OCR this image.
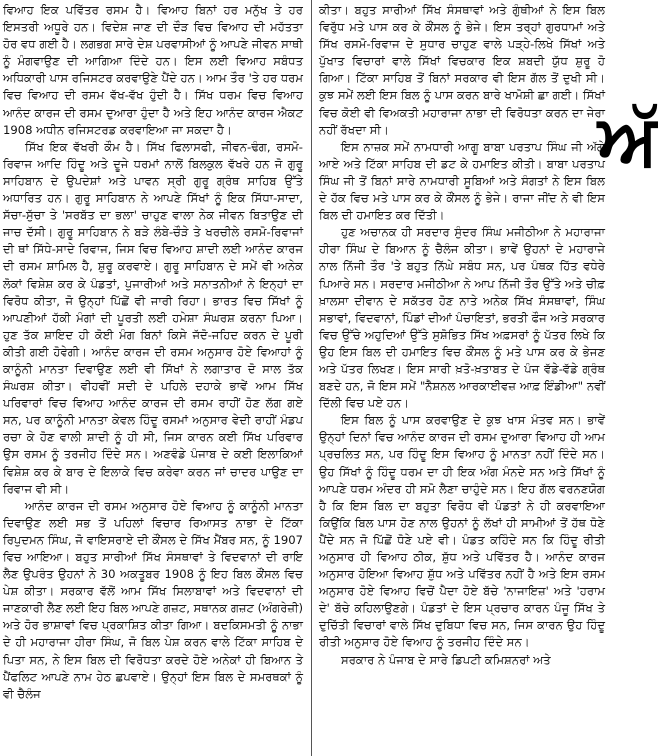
ਵਿਆਹ ਇਕ ਪਵਿੱਤਰ ਰਸਮ ਹੈ। ਵਿਆਹ ਬਿਨਾਂ ਹਰ ਮਨੁੱਖ ਤੇ ਹਰ ਇਸਤਰੀ ਅਧੂਰੇ ਹਨ। ਵਿਦੇਸ਼ ਜਾਣ ਦੀ ਦੌੜ ਵਿਚ ਵਿਆਹ ਦੀ ਮਹੱਤਤਾ ਹੋਰ ਵਧ ਗਈ ਹੈ। ਲਗਭਗ ਸਾਰੇ ਦੇਸ਼ ਪਰਵਾਸੀਆਂ ਨੂੰ ਆਪਣੇ ਜੀਵਨ ਸਾਥੀ ਨੂੰ ਮੰਗਵਾਉਣ ਦੀ ਆਗਿਆ ਦਿੰਦੇ ਹਨ। ਇਸ ਲਈ ਵਿਆਹ ਸਬੰਧਤ ਅਧਿਕਾਰੀ ਪਾਸ ਰਜਿਸਟਰ ਕਰਵਾਉਣੇ ਪੈਂਦੇ ਹਨ। ਆਮ ਤੌਰ 'ਤੇ ਹਰ ਧਰਮ ਵਿਚ ਵਿਆਹ ਦੀ ਰਸਮ ਵੱਖ-ਵੱਖ ਹੁੰਦੀ ਹੈ। ਸਿੱਖ ਧਰਮ ਵਿਚ ਵਿਆਹ ਆਨੰਦ ਕਾਰਜ ਦੀ ਰਸਮ ਦੁਆਰਾ ਹੁੰਦਾ ਹੈ ਅਤੇ ਇਹ ਆਨੰਦ ਕਾਰਜ ਐਕਟ 1908 ਅਧੀਨ ਰਜਿਸਟਰਡ ਕਰਵਾਇਆ ਜਾ ਸਕਦਾ ਹੈ।

ਸਿੱਖ ਇਕ ਵੱਖਰੀ ਕੌਮ ਹੈ। ਸਿੱਖ ਫਿਲਾਸਫੀ, ਜੀਵਨ-ਢੰਗ, ਰਸਮੋ-ਰਿਵਾਜ ਆਦਿ ਹਿੰਦੂ ਅਤੇ ਦੂਜੇ ਧਰਮਾਂ ਨਾਲੋਂ ਬਿਲਕੁਲ ਵੱਖਰੇ ਹਨ ਜੋ ਗੁਰੂ ਸਾਹਿਬਾਨ ਦੇ ਉਪਦੇਸ਼ਾਂ ਅਤੇ ਪਾਵਨ ਸ੍ਰੀ ਗੁਰੂ ਗ੍ਰੰਥ ਸਾਹਿਬ ਉੱਤੇ ਅਧਾਰਿਤ ਹਨ। ਗੁਰੂ ਸਾਹਿਬਾਨ ਨੇ ਆਪਣੇ ਸਿੱਖਾਂ ਨੂੰ ਇਕ ਸਿੱਧਾ-ਸਾਦਾ, ਸੱਚਾ-ਸੁੱਚਾ ਤੇ 'ਸਰਬੱਤ ਦਾ ਭਲਾ' ਚਾਹੁਣ ਵਾਲਾ ਨੇਕ ਜੀਵਨ ਬਿਤਾਉਣ ਦੀ ਜਾਚ ਦੱਸੀ। ਗੁਰੂ ਸਾਹਿਬਾਨ ਨੇ ਬੜੇ ਲੰਬੇ-ਚੌੜੇ ਤੇ ਖਰਚੀਲੇ ਰਸਮੋ-ਰਿਵਾਜਾਂ ਦੀ ਥਾਂ ਸਿੱਧੇ-ਸਾਦੇ ਰਿਵਾਜ, ਜਿਸ ਵਿਚ ਵਿਆਹ ਸ਼ਾਦੀ ਲਈ ਆਨੰਦ ਕਾਰਜ ਦੀ ਰਸਮ ਸ਼ਾਮਿਲ ਹੈ, ਸ਼ੁਰੂ ਕਰਵਾਏ। ਗੁਰੂ ਸਾਹਿਬਾਨ ਦੇ ਸਮੇਂ ਵੀ ਅਨੇਕ ਲੋਕਾਂ ਵਿਸ਼ੇਸ਼ ਕਰ ਕੇ ਪੰਡਤਾਂ, ਪੁਜਾਰੀਆਂ ਅਤੇ ਸਨਾਤਨੀਆਂ ਨੇ ਇਨ੍ਹਾਂ ਦਾ ਵਿਰੋਧ ਕੀਤਾ, ਜੋ ਉਨ੍ਹਾਂ ਪਿੱਛੋਂ ਵੀ ਜਾਰੀ ਰਿਹਾ। ਭਾਰਤ ਵਿਚ ਸਿੱਖਾਂ ਨੂੰ ਆਪਣੀਆਂ ਹੱਕੀ ਮੰਗਾਂ ਦੀ ਪੂਰਤੀ ਲਈ ਹਮੇਸ਼ਾ ਸੰਘਰਸ਼ ਕਰਨਾ ਪਿਆ। ਹੁਣ ਤੱਕ ਸ਼ਾਇਦ ਹੀ ਕੋਈ ਮੰਗ ਬਿਨਾਂ ਕਿਸੇ ਜੱਦੋ-ਜਹਿਦ ਕਰਨ ਦੇ ਪੂਰੀ ਕੀਤੀ ਗਈ ਹੋਵੇਗੀ। ਆਨੰਦ ਕਾਰਜ ਦੀ ਰਸਮ ਅਨੁਸਾਰ ਹੋਏ ਵਿਆਹਾਂ ਨੂੰ ਕਾਨੂੰਨੀ ਮਾਨਤਾ ਦਿਵਾਉਣ ਲਈ ਵੀ ਸਿੱਖਾਂ ਨੇ ਲਗਾਤਾਰ ਦੋ ਸਾਲ ਤੱਕ ਸੰਘਰਸ਼ ਕੀਤਾ। ਵੀਹਵੀਂ ਸਦੀ ਦੇ ਪਹਿਲੇ ਦਹਾਕੇ ਭਾਵੇਂ ਆਮ ਸਿੱਖ ਪਰਿਵਾਰਾਂ ਵਿਚ ਵਿਆਹ ਆਨੰਦ ਕਾਰਜ ਦੀ ਰਸਮ ਰਾਹੀਂ ਹੋਣ ਲੱਗ ਗਏ ਸਨ, ਪਰ ਕਾਨੂੰਨੀ ਮਾਨਤਾ ਕੇਵਲ ਹਿੰਦੂ ਰਸਮਾਂ ਅਨੁਸਾਰ ਵੇਦੀ ਰਾਹੀਂ ਮੰਡਪ ਰਚਾ ਕੇ ਹੋਣ ਵਾਲੀ ਸ਼ਾਦੀ ਨੂੰ ਹੀ ਸੀ, ਜਿਸ ਕਾਰਨ ਕਈ ਸਿੱਖ ਪਰਿਵਾਰ ਉਸ ਰਸਮ ਨੂੰ ਤਰਜੀਹ ਦਿੰਦੇ ਸਨ। ਅਣਵੰਡੇ ਪੰਜਾਬ ਦੇ ਕਈ ਇਲਾਕਿਆਂ ਵਿਸ਼ੇਸ਼ ਕਰ ਕੇ ਬਾਰ ਦੇ ਇਲਾਕੇ ਵਿਚ ਕਰੇਵਾ ਕਰਨ ਜਾਂ ਚਾਦਰ ਪਾਉਣ ਦਾ ਰਿਵਾਜ ਵੀ ਸੀ।

ਆਨੰਦ ਕਾਰਜ ਦੀ ਰਸਮ ਅਨੁਸਾਰ ਹੋਏ ਵਿਆਹ ਨੂੰ ਕਾਨੂੰਨੀ ਮਾਨਤਾ ਦਿਵਾਉਣ ਲਈ ਸਭ ਤੋਂ ਪਹਿਲਾਂ ਵਿਚਾਰ ਰਿਆਸਤ ਨਾਭਾ ਦੇ ਟਿੱਕਾ ਰਿਪੁਦਮਨ ਸਿੰਘ, ਜੋ ਵਾਇਸਰਾਏ ਦੀ ਕੌਂਸਲ ਦੇ ਸਿੱਖ ਮੈਂਬਰ ਸਨ, ਨੂੰ 1907 ਵਿਚ ਆਇਆ। ਬਹੁਤ ਸਾਰੀਆਂ ਸਿੱਖ ਸੰਸਥਾਵਾਂ ਤੇ ਵਿਦਵਾਨਾਂ ਦੀ ਰਾਇ ਲੈਣ ਉਪਰੰਤ ਉਹਨਾਂ ਨੇ 30 ਅਕਤੂਬਰ 1908 ਨੂੰ ਇਹ ਬਿਲ ਕੌਂਸਲ ਵਿਚ ਪੇਸ਼ ਕੀਤਾ। ਸਰਕਾਰ ਵੱਲੋਂ ਆਮ ਸਿੱਖ ਸਿਲਾਬਾਵਾਂ ਅਤੇ ਵਿਦਵਾਨਾਂ ਦੀ ਜਾਣਕਾਰੀ ਲੈਣ ਲਈ ਇਹ ਬਿਲ ਆਪਣੇ ਗਜ਼ਟ, ਸਥਾਨਕ ਗਜ਼ਟ (ਅੰਗਰੇਜ਼ੀ) ਅਤੇ ਹੋਰ ਭਾਸ਼ਾਵਾਂ ਵਿਚ ਪ੍ਰਕਾਸ਼ਿਤ ਕੀਤਾ ਗਿਆ। ਬਦਕਿਸਮਤੀ ਨੂੰ ਨਾਭਾ ਦੇ ਹੀ ਮਹਾਰਾਜਾ ਹੀਰਾ ਸਿੰਘ, ਜੋ ਬਿਲ ਪੇਸ਼ ਕਰਨ ਵਾਲੇ ਟਿੱਕਾ ਸਾਹਿਬ ਦੇ ਪਿਤਾ ਸਨ, ਨੇ ਇਸ ਬਿਲ ਦੀ ਵਿਰੋਧਤਾ ਕਰਦੇ ਹੋਏ ਅਨੇਕਾਂ ਹੀ ਬਿਆਨ ਤੇ ਪੈਂਫਲਿਟ ਆਪਣੇ ਨਾਮ ਹੇਠ ਛਪਵਾਏ। ਉਨ੍ਹਾਂ ਇਸ ਬਿਲ ਦੇ ਸਮਰਥਕਾਂ ਨੂੰ ਵੀ ਚੈਲੰਜ

ਕੀਤਾ। ਬਹੁਤ ਸਾਰੀਆਂ ਸਿੱਖ ਸੰਸਥਾਵਾਂ ਅਤੇ ਗੁੰਥੀਆਂ ਨੇ ਇਸ ਬਿਲ ਵਿਰੁੱਧ ਮਤੇ ਪਾਸ ਕਰ ਕੇ ਕੌਂਸਲ ਨੂੰ ਭੇਜੇ। ਇਸ ਤਰ੍ਹਾਂ ਗੁਰਧਾਮਾਂ ਅਤੇ ਸਿੱਖ ਰਸਮੋ-ਰਿਵਾਜ ਦੇ ਸੁਧਾਰ ਚਾਹੁਣ ਵਾਲੇ ਪੜ੍ਹੇ-ਲਿਖੇ ਸਿੱਖਾਂ ਅਤੇ ਪੁੱਖਾਤ ਵਿਚਾਰਾਂ ਵਾਲੇ ਸਿੱਖਾਂ ਵਿਚਕਾਰ ਇਕ ਸ਼ਬਦੀ ਯੁੱਧ ਸ਼ੁਰੂ ਹੋ ਗਿਆ। ਟਿੱਕਾ ਸਾਹਿਬ ਤੋਂ ਬਿਨਾਂ ਸਰਕਾਰ ਵੀ ਇਸ ਗੱਲ ਤੋਂ ਦੁਖੀ ਸੀ। ਕੁਝ ਸਮੇਂ ਲਈ ਇਸ ਬਿਲ ਨੂੰ ਪਾਸ ਕਰਨ ਬਾਰੇ ਖਾਮੋਸ਼ੀ ਛਾ ਗਈ। ਸਿੱਖਾਂ ਵਿਚ ਕੋਈ ਵੀ ਵਿਅਕਤੀ ਮਹਾਰਾਜਾ ਨਾਭਾ ਦੀ ਵਿਰੋਧਤਾ ਕਰਨ ਦਾ ਜੇਰਾ ਨਹੀਂ ਰੱਖਦਾ ਸੀ।

ਇਸ ਨਾਜ਼ਕ ਸਮੇਂ ਨਾਮਧਾਰੀ ਆਗੂ ਬਾਬਾ ਪਰਤਾਪ ਸਿੰਘ ਜੀ ਅੱਗੇ ਆਏ ਅਤੇ ਟਿੱਕਾ ਸਾਹਿਬ ਦੀ ਡਟ ਕੇ ਹਮਾਇਤ ਕੀਤੀ। ਬਾਬਾ ਪਰਤਾਪ ਸਿੰਘ ਜੀ ਤੋਂ ਬਿਨਾਂ ਸਾਰੇ ਨਾਮਧਾਰੀ ਸੂਬਿਆਂ ਅਤੇ ਸੰਗਤਾਂ ਨੇ ਇਸ ਬਿਲ ਦੇ ਹੱਕ ਵਿਚ ਮਤੇ ਪਾਸ ਕਰ ਕੇ ਕੌਂਸਲ ਨੂੰ ਭੇਜੇ। ਰਾਜਾ ਜੀਂਦ ਨੇ ਵੀ ਇਸ ਬਿਲ ਦੀ ਹਮਾਇਤ ਕਰ ਦਿੱਤੀ।

ਹੁਣ ਅਚਾਨਕ ਹੀ ਸਰਦਾਰ ਸੁੰਦਰ ਸਿੰਘ ਮਜੀਠੀਆ ਨੇ ਮਹਾਰਾਜਾ ਹੀਰਾ ਸਿੰਘ ਦੇ ਬਿਆਨ ਨੂੰ ਚੈਲੰਜ ਕੀਤਾ। ਭਾਵੇਂ ਉਹਨਾਂ ਦੇ ਮਹਾਰਾਜੇ ਨਾਲ ਨਿੱਜੀ ਤੌਰ 'ਤੇ ਬਹੁਤ ਨਿੱਘੇ ਸਬੰਧ ਸਨ, ਪਰ ਪੰਥਕ ਹਿੱਤ ਵਧੇਰੇ ਪਿਆਰੇ ਸਨ। ਸਰਦਾਰ ਮਜੀਠੀਆ ਨੇ ਆਪ ਨਿੱਜੀ ਤੌਰ ਉੱਤੇ ਅਤੇ ਚੀਫ਼ ਖ਼ਾਲਸਾ ਦੀਵਾਨ ਦੇ ਸਕੱਤਰ ਹੋਣ ਨਾਤੇ ਅਨੇਕ ਸਿੱਖ ਸੰਸਥਾਵਾਂ, ਸਿੰਘ ਸਭਾਵਾਂ, ਵਿਦਵਾਨਾਂ, ਪਿੰਡਾਂ ਦੀਆਂ ਪੰਚਾਇਤਾਂ, ਭਰਤੀ ਫੌਜ ਅਤੇ ਸਰਕਾਰ ਵਿਚ ਉੱਚੇ ਅਹੁਦਿਆਂ ਉੱਤੇ ਸੁਸ਼ੋਭਿਤ ਸਿੱਖ ਅਫ਼ਸਰਾਂ ਨੂੰ ਪੱਤਰ ਲਿਖੇ ਕਿ ਉਹ ਇਸ ਬਿਲ ਦੀ ਹਮਾਇਤ ਵਿਚ ਕੌਂਸਲ ਨੂੰ ਮਤੇ ਪਾਸ ਕਰ ਕੇ ਭੇਜਣ ਅਤੇ ਪੱਤਰ ਲਿਖਣ। ਇਸ ਸਾਰੀ ਖ਼ਤੋ-ਖ਼ਤਾਬਤ ਦੇ ਪੰਜ ਵੱਡੇ-ਵੱਡੇ ਗ੍ਰੰਥ ਬਣਦੇ ਹਨ, ਜੋ ਇਸ ਸਮੇਂ "ਨੈਸ਼ਨਲ ਆਰਕਾਈਵਜ਼ ਆਫ਼ ਇੰਡੀਆ" ਨਵੀਂ ਦਿੱਲੀ ਵਿਚ ਪਏ ਹਨ।

ਇਸ ਬਿਲ ਨੂੰ ਪਾਸ ਕਰਵਾਉਣ ਦੇ ਕੁਝ ਖਾਸ ਮੰਤਵ ਸਨ। ਭਾਵੇਂ ਉਨ੍ਹਾਂ ਦਿਨਾਂ ਵਿਚ ਆਨੰਦ ਕਾਰਜ ਦੀ ਰਸਮ ਦੁਆਰਾ ਵਿਆਹ ਹੀ ਆਮ ਪ੍ਰਚਲਿਤ ਸਨ, ਪਰ ਹਿੰਦੂ ਇਸ ਵਿਆਹ ਨੂੰ ਮਾਨਤਾ ਨਹੀਂ ਦਿੰਦੇ ਸਨ। ਉਹ ਸਿੱਖਾਂ ਨੂੰ ਹਿੰਦੂ ਧਰਮ ਦਾ ਹੀ ਇਕ ਅੰਗ ਮੰਨਦੇ ਸਨ ਅਤੇ ਸਿੱਖਾਂ ਨੂੰ ਆਪਣੇ ਧਰਮ ਅੰਦਰ ਹੀ ਸਮੋ ਲੈਣਾ ਚਾਹੁੰਦੇ ਸਨ। ਇਹ ਗੱਲ ਵਰਨਣਯੋਗ ਹੈ ਕਿ ਇਸ ਬਿਲ ਦਾ ਬਹੁਤਾ ਵਿਰੋਧ ਵੀ ਪੰਡਤਾਂ ਨੇ ਹੀ ਕਰਵਾਇਆ ਕਿਉਂਕਿ ਬਿਲ ਪਾਸ ਹੋਣ ਨਾਲ ਉਹਨਾਂ ਨੂੰ ਲੱਖਾਂ ਹੀ ਸਾਮੀਆਂ ਤੋਂ ਹੱਥ ਧੋਣੇ ਪੈਂਦੇ ਸਨ ਜੋ ਪਿੱਛੋਂ ਧੋਣੇ ਪਏ ਵੀ। ਪੰਡਤ ਕਹਿੰਦੇ ਸਨ ਕਿ ਹਿੰਦੂ ਰੀਤੀ ਅਨੁਸਾਰ ਹੀ ਵਿਆਹ ਠੀਕ, ਸ਼ੁੱਧ ਅਤੇ ਪਵਿੱਤਰ ਹੈ। ਆਨੰਦ ਕਾਰਜ ਅਨੁਸਾਰ ਹੋਇਆ ਵਿਆਹ ਸ਼ੁੱਧ ਅਤੇ ਪਵਿੱਤਰ ਨਹੀਂ ਹੈ ਅਤੇ ਇਸ ਰਸਮ ਅਨੁਸਾਰ ਹੋਏ ਵਿਆਹ ਵਿਚੋਂ ਪੈਦਾ ਹੋਏ ਬੱਚੇ 'ਨਾਜਾਇਜ਼' ਅਤੇ 'ਹਰਾਮ ਦੇ' ਬੱਚੇ ਕਹਿਲਾਉਣਗੇ। ਪੰਡਤਾਂ ਦੇ ਇਸ ਪ੍ਰਚਾਰ ਕਾਰਨ ਪੰਜੂ ਸਿੱਖ ਤੇ ਦੁਚਿੱਤੀ ਵਿਚਾਰਾਂ ਵਾਲੇ ਸਿੱਖ ਦੁਬਿਧਾ ਵਿਚ ਸਨ, ਜਿਸ ਕਾਰਨ ਉਹ ਹਿੰਦੂ ਰੀਤੀ ਅਨੁਸਾਰ ਹੋਏ ਵਿਆਹ ਨੂੰ ਤਰਜੀਹ ਦਿੰਦੇ ਸਨ।

ਸਰਕਾਰ ਨੇ ਪੰਜਾਬ ਦੇ ਸਾਰੇ ਡਿਪਟੀ ਕਮਿਸ਼ਨਰਾਂ ਅਤੇ

ਅੱ
